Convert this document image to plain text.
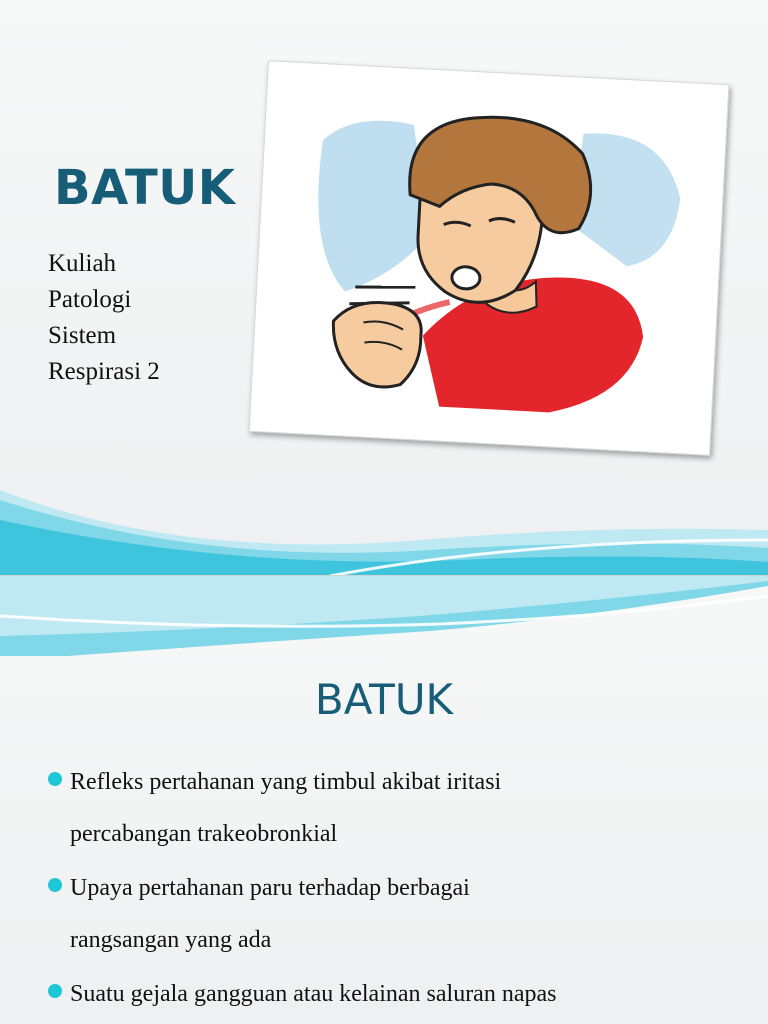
BATUK
Kuliah
Patologi
Sistem
Respirasi 2
BATUK
Refleks pertahanan yang timbul akibat iritasi
percabangan trakeobronkial
Upaya pertahanan paru terhadap berbagai
rangsangan yang ada
Suatu gejala gangguan atau kelainan saluran napas
